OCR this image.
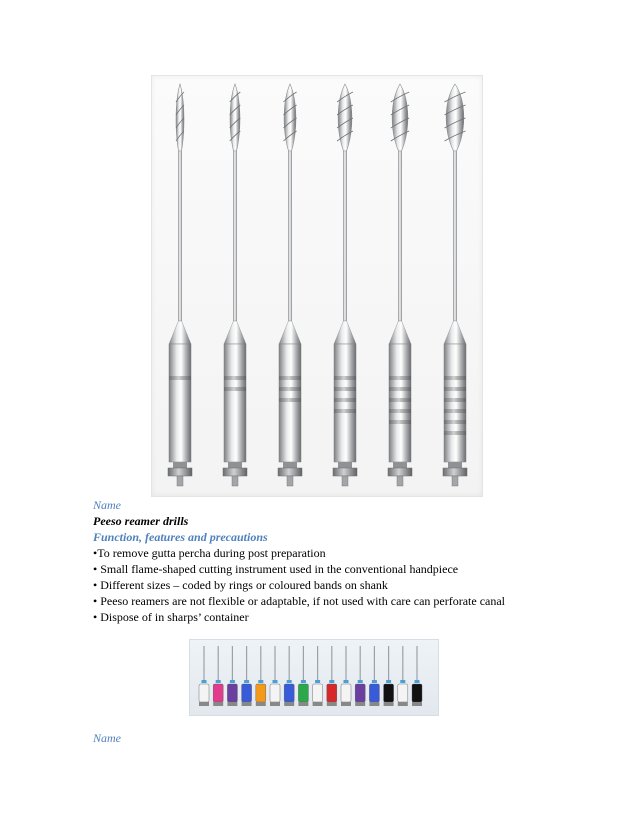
Name

Peeso reamer drills

Function, features and precautions

•To remove gutta percha during post preparation

• Small flame-shaped cutting instrument used in the conventional handpiece

• Different sizes – coded by rings or coloured bands on shank

• Peeso reamers are not flexible or adaptable, if not used with care can perforate canal

• Dispose of in sharps’ container

Name
